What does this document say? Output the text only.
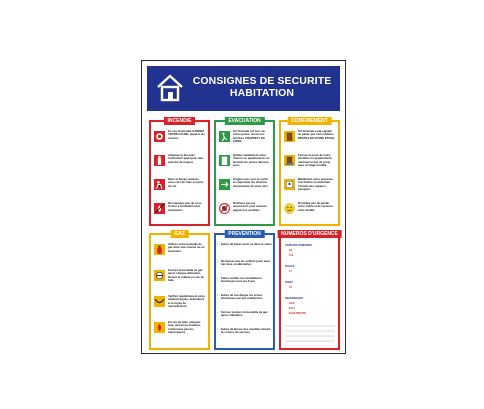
CONSIGNES DE SECURITE
HABITATION
INCENDIE
En cas d'incendie GARDEZ VOTRE CALME, appelez les secours
Attaquez le feu avec l'extincteur approprié sans prendre de risques
Dans la fumée, baissez-vous car l'air frais est près du sol
Ne manquez pas de vous former à l'utilisation des extincteurs
EVACUATION
Si l'incendie est hors de votre portée, ouvrez les fenêtres, FRAPPEZ LES AIDES
Quittez rapidement votre maison ou appartement, en fermant les portes derrière vous
Dirigez-vous vers la sortie et empruntez les chemins d'évacuation les plus sûrs
N'utilisez pas les ascenseurs pour évacuer, gagnez les escaliers
CONFINEMENT
Si l'incendie a été signalé au palier que vous habitez, RESTEZ EN VOTRE ETAGE
Fermez la porte de votre chambre ou appartement, obstruez le bas de porte avec un linge mouillé
Manifestez votre présence à la fenêtre en attendant l'arrivée des sapeurs-pompiers
N'oubliez pas de garder votre calme et de rassurer votre famille
GAZ
Utilisez votre bouteille de gaz dans une cuisine ou un local aéré
Fermez la bouteille de gaz après chaque utilisation, fermez le robinet en cas de fuite
Vérifiez régulièrement votre matériel (tuyau, détendeur) et le tuyau de raccordement
En cas de fuite, éteignez tout, ouvrez les fenêtres, n'actionnez pas les interrupteurs
PREVENTION
• Evitez de fumer au lit ou dans le salon
• Ne laissez pas les enfants jouer avec des feux ou allumettes
• Faites vérifier vos installations électriques tous les 5 ans
• Evitez de surcharger les prises électriques par des multiprises
• Fermez toujours la bouteille de gaz après utilisation
• Evitez de laisser des meubles devant les issues de secours
NUMEROS D'URGENCE
SAPEURS POMPIERS
18
112
POLICE
17
SAMU
15
DEPANNAGES
GAZ
EAU
ELECTRICITE
